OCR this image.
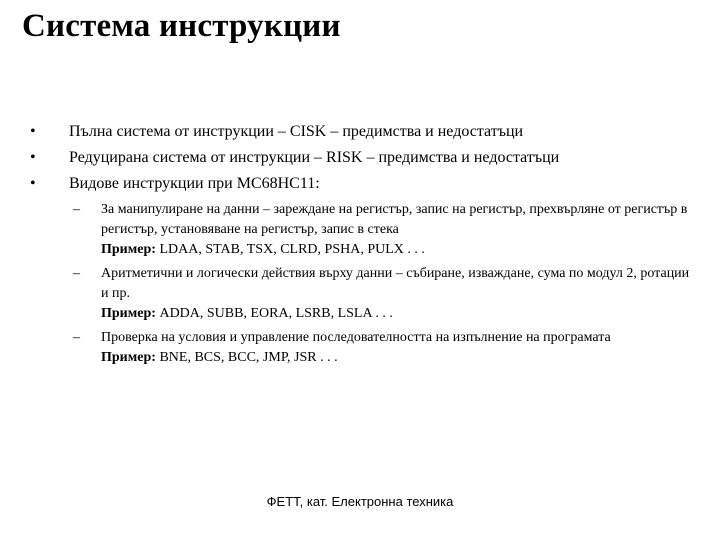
Система инструкции
• Пълна система от инструкции – CISK – предимства и недостатъци
• Редуцирана система от инструкции – RISK – предимства и недостатъци
• Видове инструкции при MC68HC11:
– За манипулиране на данни – зареждане на регистър, запис на регистър, прехвърляне от регистър в регистър, установяване на регистър, запис в стека
Пример: LDAA, STAB, TSX, CLRD, PSHA, PULX . . .
– Аритметични и логически действия върху данни – събиране, изваждане, сума по модул 2, ротации и пр.
Пример: ADDA, SUBB, EORA, LSRB, LSLA . . .
– Проверка на условия и управление последователността на изпълнение на програмата
Пример: BNE, BCS, BCC, JMP, JSR . . .
ФЕТТ, кат. Електронна техника
